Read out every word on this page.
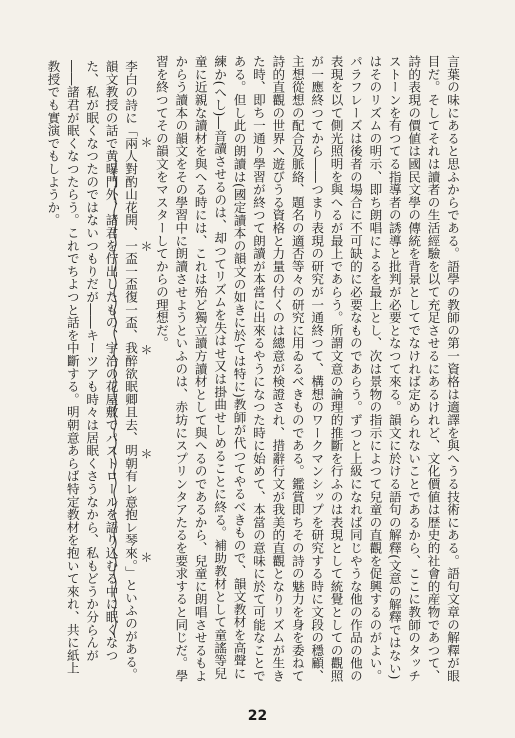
言葉の味にあると思ふからである。語學の教師の第一資格は適譯を與へうる技術にある。語句文章の解釋が眼目だ。そしてそれは讀者の生活經驗を以て充足させるにあるけれど、文化價値は歴史的社會的産物であつて、詩的表現の價値は國民文學の傳統を背景としてでなければ定められないことであるから、ここに教師のタッチストーンを有つてる指導者の誘導と批判が必要となつて來る。韻文に於ける語句の解釋(文意の解釋ではない)はそのリズムの明示、即ち朗唱によるを最上とし、次は景物の指示によつて兒童の直觀を促興するのがよい。パラフレーズは後者の場合に不可缺的に必要なものであらう。ずつと上級になれば同じやうな他の作品の他の表現を以て側光照明を與へるが最上であらう。所謂文意の論理的推斷を行ふのは表現として統覺としての觀照が一應終つてから――つまり表現の研究が一通終つて、構想のワークマンシップを研究する時に文段の穩顧、主想從想の配合及脈絡、題名の適否等々の研究に用ゐるべきものである。鑑賞即ちその詩の魅力を身を委ねて詩的直觀の世界へ遊びうる資格と力量の付くのは總意が検證され、措辭行文が我美的直觀となりリズムが生きた時、即ち一通り學習が終つて朗讀が本當に出來るやうになつた時に始めて、本當の意味に於て可能なことである。但し此の朗讀は(國定讀本の韻文の如きに於ては特に)教師が代つてやるべきもので、韻文教材を高聲に練か(へし)―音讀させるのは、却つてリズムを失はせ又は掛曲せしめることに終る。補助教材として童謠等兒童に近親な讀材を與へる時には、これは殆ど獨立讀方讀材として與へるのであるから、兒童に朗唱させるもよからう讀本の韻文をその學習中に朗讀させようといふのは、赤坊にスプリンタアたるを要求すると同じだ。學習を終つてその韻文をマスターしてからの理想だ。
＊ ＊ ＊ ＊ ＊
李白の詩に「兩人對酌山花開、一盃一盃復一盃、我醉欲眠卿且去、明朝有レ意抱レ琴來。」といふのがある。韻文教授の話で黄曝門外、諸君を佇出したもの、宇治の花屋敷でパストロールを語り込むる中に眠くなつた、私が眠くなつたのではないつもりだが――キーツアも時々は居眠くさうなから、私もどうか分らんが――諸君が眠くなつたらう。これでちよつと話を中斷する。明朝意あらば特定教材を抱いて來れ、共に紙上教授でも實演でもしようか。
22
